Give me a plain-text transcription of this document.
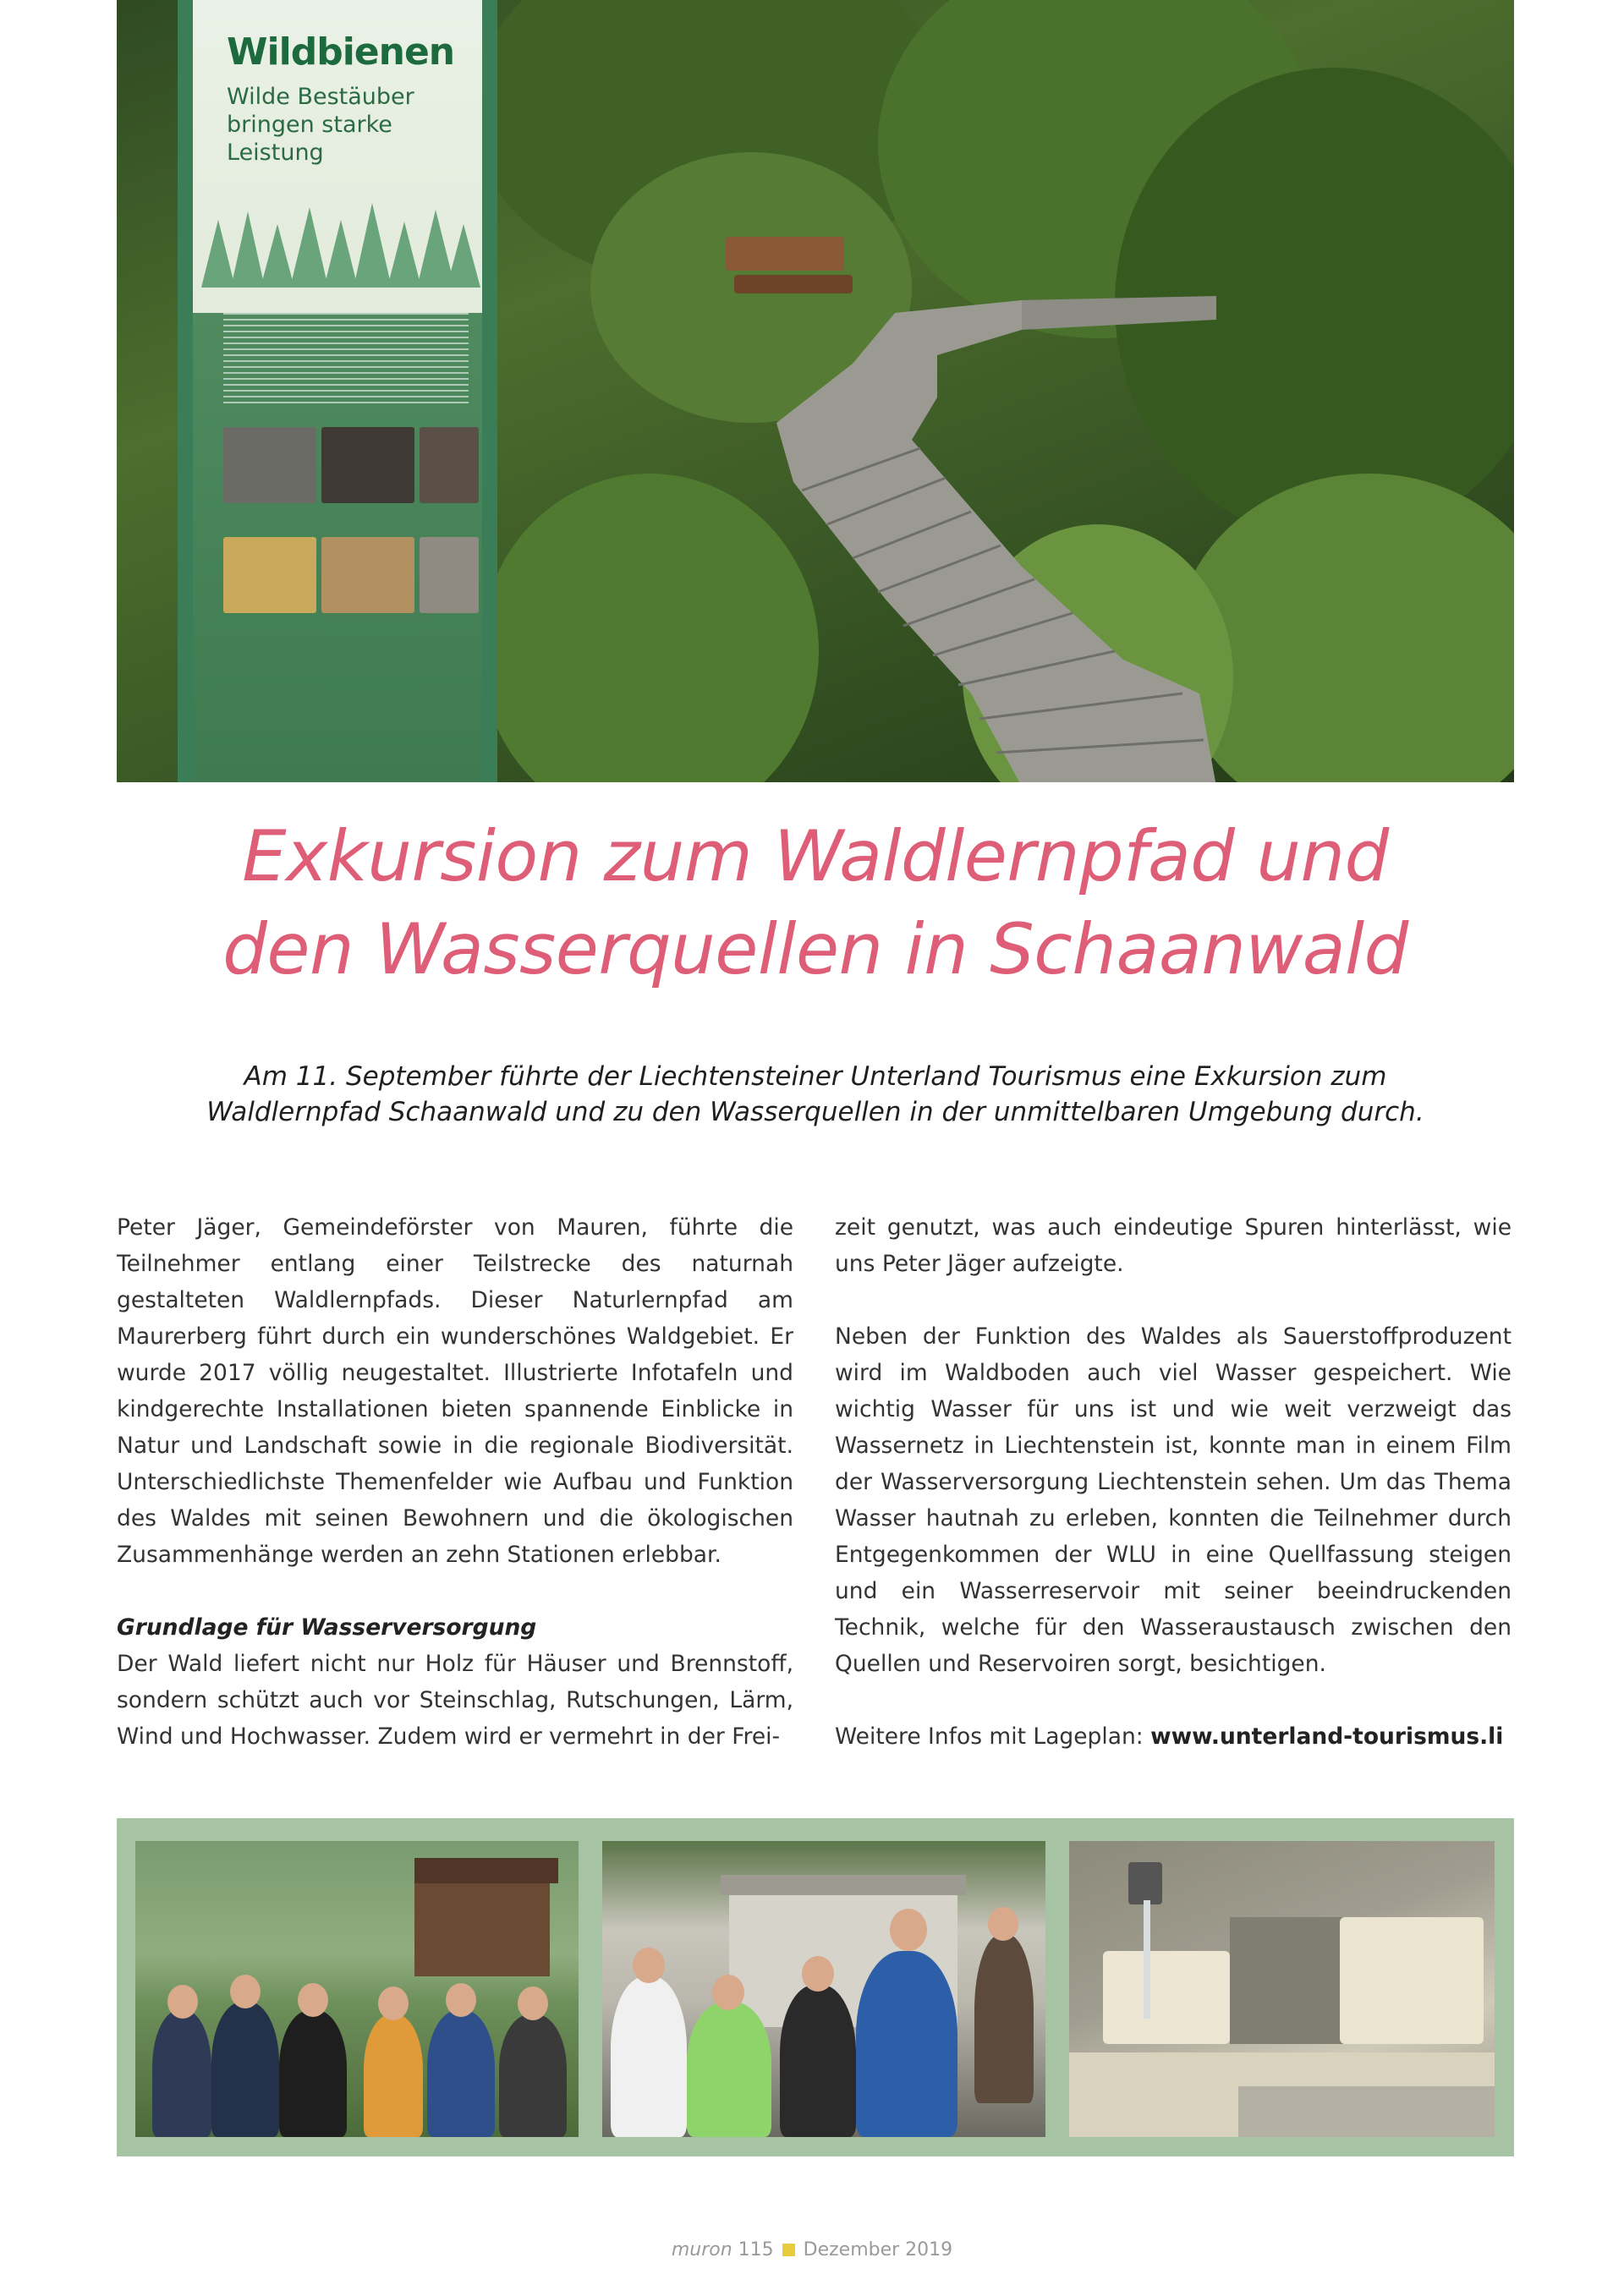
Wildbienen
Wilde Bestäuber bringen starke Leistung
Exkursion zum Waldlernpfad und
den Wasserquellen in Schaanwald
Am 11. September führte der Liechtensteiner Unterland Tourismus eine Exkursion zum Waldlernpfad Schaanwald und zu den Wasserquellen in der unmittelbaren Umgebung durch.

Peter Jäger, Gemeindeförster von Mauren, führte die Teilnehmer entlang einer Teilstrecke des naturnah gestalteten Waldlernpfads. Dieser Naturlernpfad am Maurerberg führt durch ein wunderschönes Waldgebiet. Er wurde 2017 völlig neugestaltet. Illustrierte Infotafeln und kindgerechte Installationen bieten spannende Einblicke in Natur und Landschaft sowie in die regionale Biodiversität. Unterschiedlichste Themenfelder wie Aufbau und Funktion des Waldes mit seinen Bewohnern und die ökologischen Zusammenhänge werden an zehn Stationen erlebbar.

Grundlage für Wasserversorgung

Der Wald liefert nicht nur Holz für Häuser und Brennstoff, sondern schützt auch vor Steinschlag, Rutschungen, Lärm, Wind und Hochwasser. Zudem wird er vermehrt in der Frei-

zeit genutzt, was auch eindeutige Spuren hinterlässt, wie uns Peter Jäger aufzeigte.

Neben der Funktion des Waldes als Sauerstoffproduzent wird im Waldboden auch viel Wasser gespeichert. Wie wichtig Wasser für uns ist und wie weit verzweigt das Wassernetz in Liechtenstein ist, konnte man in einem Film der Wasserversorgung Liechtenstein sehen. Um das Thema Wasser hautnah zu erleben, konnten die Teilnehmer durch Entgegenkommen der WLU in eine Quellfassung steigen und ein Wasserreservoir mit seiner beeindruckenden Technik, welche für den Wasseraustausch zwischen den Quellen und Reservoiren sorgt, besichtigen.

Weitere Infos mit Lageplan: www.unterland-tourismus.li

muron 115 Dezember 2019
